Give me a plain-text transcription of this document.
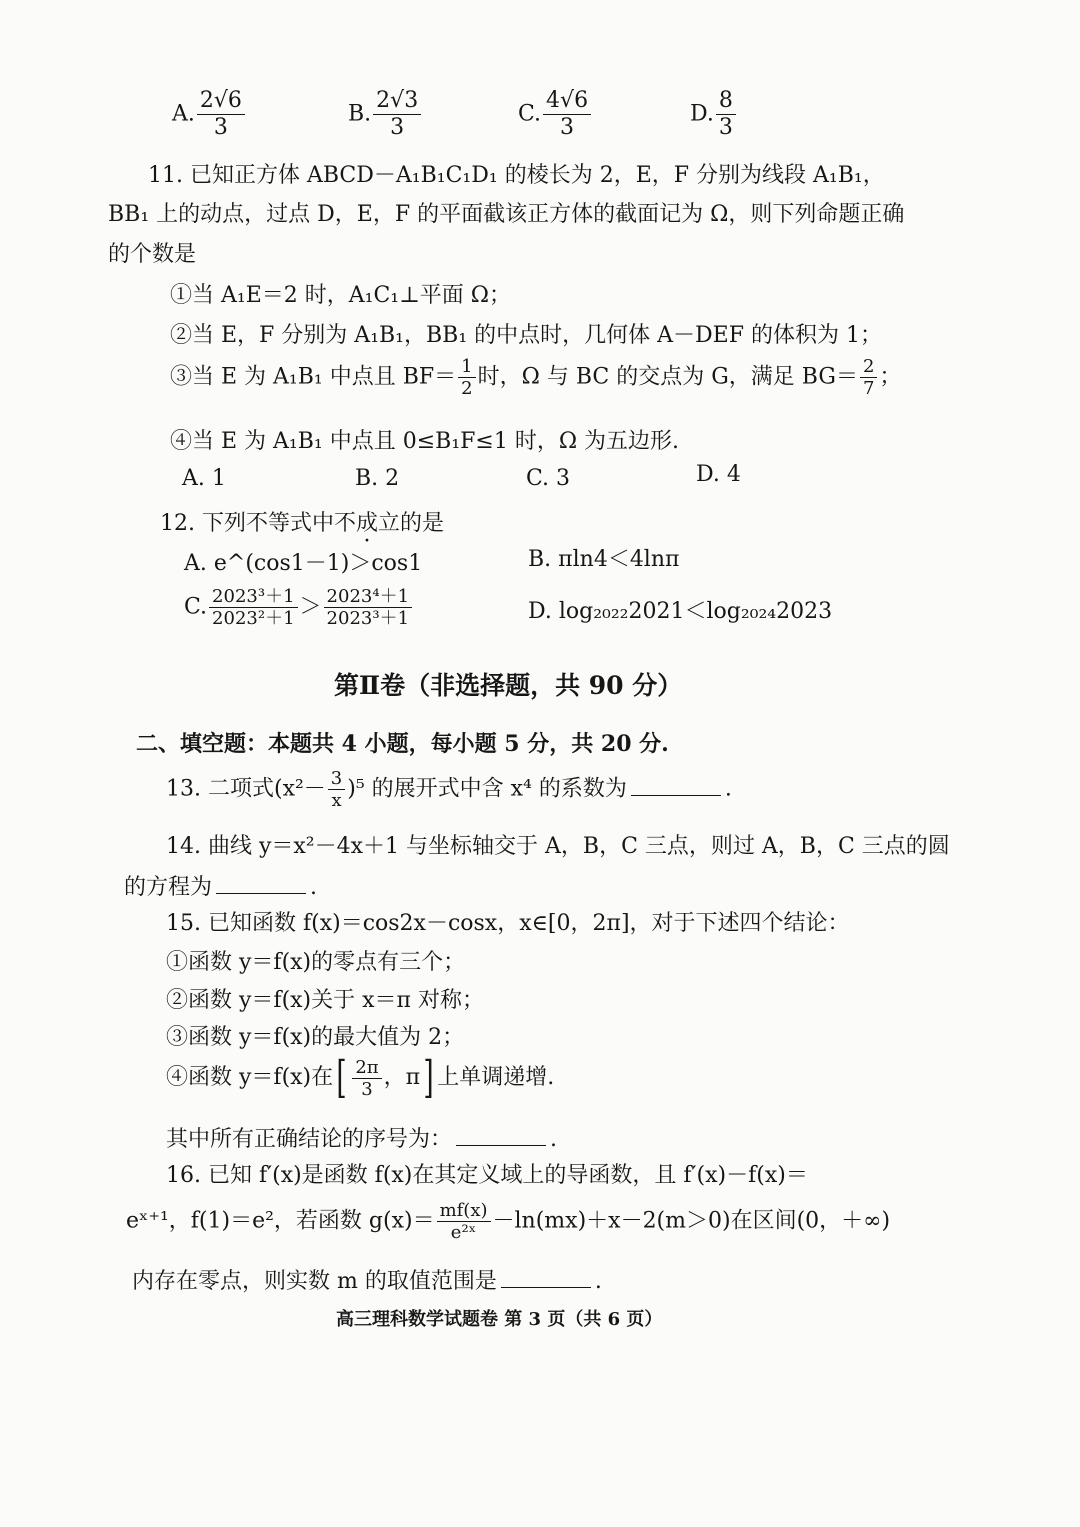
A. $\frac{2√6}{3}$	B. $\frac{2√3}{3}$	C. $\frac{4√6}{3}$	D. $\frac{8}{3}$
11. 已知正方体 ABCD－A₁B₁C₁D₁ 的棱长为 2，E，F 分别为线段 A₁B₁，
BB₁ 上的动点，过点 D，E，F 的平面截该正方体的截面记为 Ω，则下列命题正确
的个数是
①当 A₁E＝2 时，A₁C₁⊥平面 Ω；
②当 E，F 分别为 A₁B₁，BB₁ 的中点时，几何体 A－DEF 的体积为 1；
③当 E 为 A₁B₁ 中点且 $BF= \frac{1}{2}$ 时，Ω 与 BC 的交点为 G，满足 $BG= \frac{2}{7}$ ；
④当 E 为 A₁B₁ 中点且 0≤B₁F≤1 时，Ω 为五边形.
A. 1	B. 2	C. 3	D. 4
12. 下列不等式中不成立的是
A. e^(cos1－1)＞cos1	B. πln4＜4lnπ
C. $\frac{\text{2023³＋1}}{\text{2023²＋1}} > \frac{\text{2023⁴＋1}}{\text{2023³＋1}}$	D. log₂₀₂₂2021＜log₂₀₂₄2023
第Ⅱ卷（非选择题，共 90 分）
二、填空题：本题共 4 小题，每小题 5 分，共 20 分.
13. 二项式$(x^2- \frac{3}{x} )^5$ 的展开式中含 x⁴ 的系数为	.
14. 曲线 y＝x²－4x＋1 与坐标轴交于 A，B，C 三点，则过 A，B，C 三点的圆
的方程为	.
15. 已知函数 f(x)＝cos2x－cosx，x∈[0，2π]，对于下述四个结论：
①函数 y＝f(x)的零点有三个；
②函数 y＝f(x)关于 x＝π 对称；
③函数 y＝f(x)的最大值为 2；
④函数 y＝f(x)在[ $\frac{2\pi}{3}$ ，π] 上单调递增.
其中所有正确结论的序号为：	.
16. 已知 f′(x)是函数 f(x)在其定义域上的导函数，且 f′(x)－f(x)＝
eˣ⁺¹，f(1)＝e²，若函数 $g(x)= \frac{mf(x)}{\text{e²ˣ}} -\ln(mx)+x-2(m>0)$在区间(0，＋∞)
内存在零点，则实数 m 的取值范围是	.
高三理科数学试题卷 第 3 页（共 6 页）
